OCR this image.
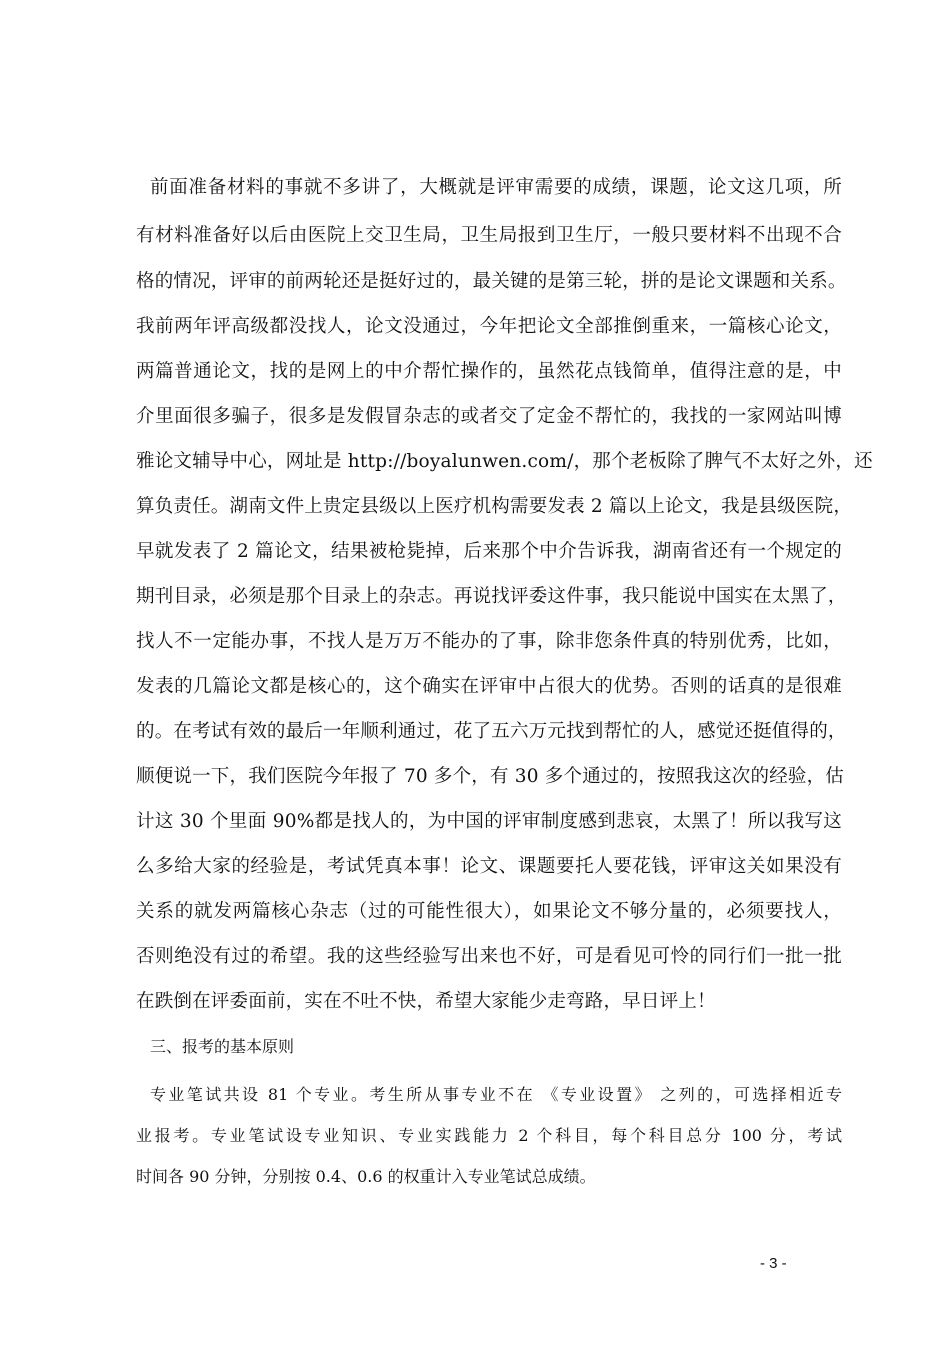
前面准备材料的事就不多讲了，大概就是评审需要的成绩，课题，论文这几项，所
有材料准备好以后由医院上交卫生局，卫生局报到卫生厅，一般只要材料不出现不合
格的情况，评审的前两轮还是挺好过的，最关键的是第三轮，拼的是论文课题和关系。
我前两年评高级都没找人，论文没通过，今年把论文全部推倒重来，一篇核心论文，
两篇普通论文，找的是网上的中介帮忙操作的，虽然花点钱简单，值得注意的是，中
介里面很多骗子，很多是发假冒杂志的或者交了定金不帮忙的，我找的一家网站叫博
雅论文辅导中心，网址是 http://boyalunwen.com/，那个老板除了脾气不太好之外，还
算负责任。湖南文件上贵定县级以上医疗机构需要发表 2 篇以上论文，我是县级医院，
早就发表了 2 篇论文，结果被枪毙掉，后来那个中介告诉我，湖南省还有一个规定的
期刊目录，必须是那个目录上的杂志。再说找评委这件事，我只能说中国实在太黑了，
找人不一定能办事，不找人是万万不能办的了事，除非您条件真的特别优秀，比如，
发表的几篇论文都是核心的，这个确实在评审中占很大的优势。否则的话真的是很难
的。在考试有效的最后一年顺利通过，花了五六万元找到帮忙的人，感觉还挺值得的，
顺便说一下，我们医院今年报了 70 多个，有 30 多个通过的，按照我这次的经验，估
计这 30 个里面 90%都是找人的，为中国的评审制度感到悲哀，太黑了！所以我写这
么多给大家的经验是，考试凭真本事！论文、课题要托人要花钱，评审这关如果没有
关系的就发两篇核心杂志（过的可能性很大），如果论文不够分量的，必须要找人，
否则绝没有过的希望。我的这些经验写出来也不好，可是看见可怜的同行们一批一批
在跌倒在评委面前，实在不吐不快，希望大家能少走弯路，早日评上！
三、报考的基本原则
专业笔试共设 81 个专业。考生所从事专业不在 《专业设置》 之列的，可选择相近专
业报考。专业笔试设专业知识、专业实践能力 2 个科目，每个科目总分 100 分，考试
时间各 90 分钟，分别按 0.4、0.6 的权重计入专业笔试总成绩。
- 3 -
